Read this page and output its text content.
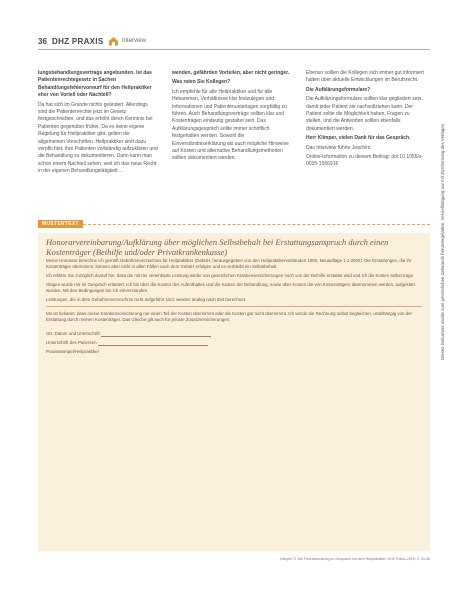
36 DHZ PRAXIS	Interview

lungsbehandlungsvertrags angebunden. Ist das Patientenrechtegesetz in Sachen Behandlungsfehlervorwurf für den Heilpraktiker eher von Vorteil oder Nachteil?

Da hat sich im Grunde nichts geändert. Allerdings sind die Patientenrechte jetzt im Gesetz festgeschrieben, und das erhöht deren Kenntnis bei Patienten gegenüber früher. Da es keine eigene Regelung für Heilpraktiker gibt, gelten die allgemeinen Vorschriften. Heilpraktiker sind dazu verpflichtet, ihre Patienten vollständig aufzuklären und die Behandlung zu dokumentieren. Dann kann man schon einem Nachteil sehen, weil ich das neue Recht in der eigenen Behandlungstätigkeit ...

wenden, gefährden Vorteilen, aber nicht geringer.

Was raten Sie Kollegen?

Ich empfehle für alle Heilpraktiker und für alle Hebammen, Verhältnisse klar festzulegen und Informationen und Patientenunterlagen sorgfältig zu führen. Auch Behandlungsverträge sollten klar und Kostenfragen eindeutig gestaltet sein. Das Aufklärungsgespräch sollte immer schriftlich festgehalten werden. Sowohl die Einverständniserklärung als auch mögliche Hinweise auf Kosten und alternative Behandlungsmethoden sollten dokumentiert werden.

Ebenso sollten die Kollegen sich immer gut informiert halten über aktuelle Entwicklungen im Berufsrecht.

Die Aufklärungsformulare?

Die Aufklärungsformulare sollten klar gegliedert sein, damit jeder Patient sie nachvollziehen kann. Der Patient sollte die Möglichkeit haben, Fragen zu stellen, und die Antworten sollten ebenfalls dokumentiert werden.

Herr Klimper, vielen Dank für das Gespräch.

Das Interview führte Joachim

Online-Information zu diesem Beitrag: doi:10.1055/s-0035-1566916

MUSTERTEXT
Honorarvereinbarung/Aufklärung über möglichen Selbstbehalt bei Erstattungsanspruch durch einen Kostenträger (Beihilfe und/oder Privatkrankenkasse)

Meine Honorare berechne ich gemäß Gebührenverzeichnis für Heilpraktiker (GebüH, herausgegeben von den Heilpraktikerverbänden 1985, Neuauflage 1.1.2002). Die Erstattungen, die ihr Kostenträger übernimmt, können aber nicht in allen Fällen nach dem GebüH erfolgen und es verbleibt ein Selbstbehalt.

Ich erkläre Sie zuzüglich darauf hin, dass die mit mir vereinbarte Leistung weder von gesetzlichen Krankenversicherungen noch von der Beihilfe erstattet wird und ich die Kosten selbst trage.

Obiges wurde mir im Gespräch erläutert. Ich bin über die Kosten des Aufenthaltes und die Kosten der Behandlung, sowie über Kosten die von Kostenträgern übernommen werden, aufgeklärt worden. Mit den Bedingungen bin ich einverstanden.

Leistungen, die in dem Gebührenverzeichnis nicht aufgeführt sind, werden analog nach Zeit berechnet.

Mir ist bekannt, dass meine Krankenversicherung nur einen Teil der Kosten übernimmt oder die Kosten gar nicht übernimmt. Ich werde die Rechnung selbst begleichen, unabhängig von der Erstattung durch meinen Kostenträger. Das Gleiche gilt auch für private Zusatzversicherungen.

Ort, Datum und Unterschrift

Unterschrift des Patienten

Praxisstempel/Heilpraktiker

Klimper S. Die Rechtsberatung im Gespräch mit dem Heilpraktiker. DHZ Praxis 2015; 2: 34-36
Dieses Dokument wurde zum persönlichen Gebrauch heruntergeladen. Vervielfältigung nur mit Zustimmung des Verlages.
